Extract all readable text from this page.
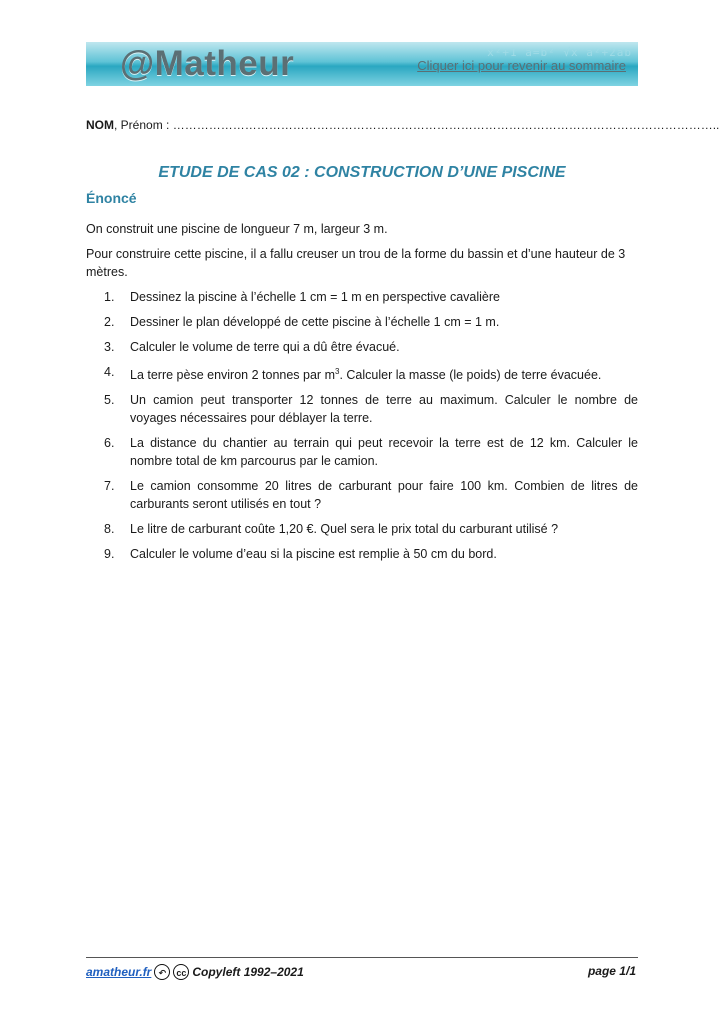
@Matheur	x²+1 a=b² √x a²+2ab
Cliquer ici pour revenir au sommaire
NOM, Prénom : ………………………………………………………………………………………………………………………..
ETUDE DE CAS 02 : CONSTRUCTION D’UNE PISCINE
Énoncé
On construit une piscine de longueur 7 m, largeur 3 m.
Pour construire cette piscine, il a fallu creuser un trou de la forme du bassin et d’une hauteur de 3 mètres.
1. Dessinez la piscine à l’échelle 1 cm = 1 m en perspective cavalière
2. Dessiner le plan développé de cette piscine à l’échelle 1 cm = 1 m.
3. Calculer le volume de terre qui a dû être évacué.
4. La terre pèse environ 2 tonnes par $m^3$. Calculer la masse (le poids) de terre évacuée.
5. Un camion peut transporter 12 tonnes de terre au maximum. Calculer le nombre de voyages nécessaires pour déblayer la terre.
6. La distance du chantier au terrain qui peut recevoir la terre est de 12 km. Calculer le nombre total de km parcourus par le camion.
7. Le camion consomme 20 litres de carburant pour faire 100 km. Combien de litres de carburants seront utilisés en tout ?
8. Le litre de carburant coûte 1,20 €. Quel sera le prix total du carburant utilisé ?
9. Calculer le volume d’eau si la piscine est remplie à 50 cm du bord.
amatheur.fr ↶	cc Copyleft 1992–2021	page 1/1
